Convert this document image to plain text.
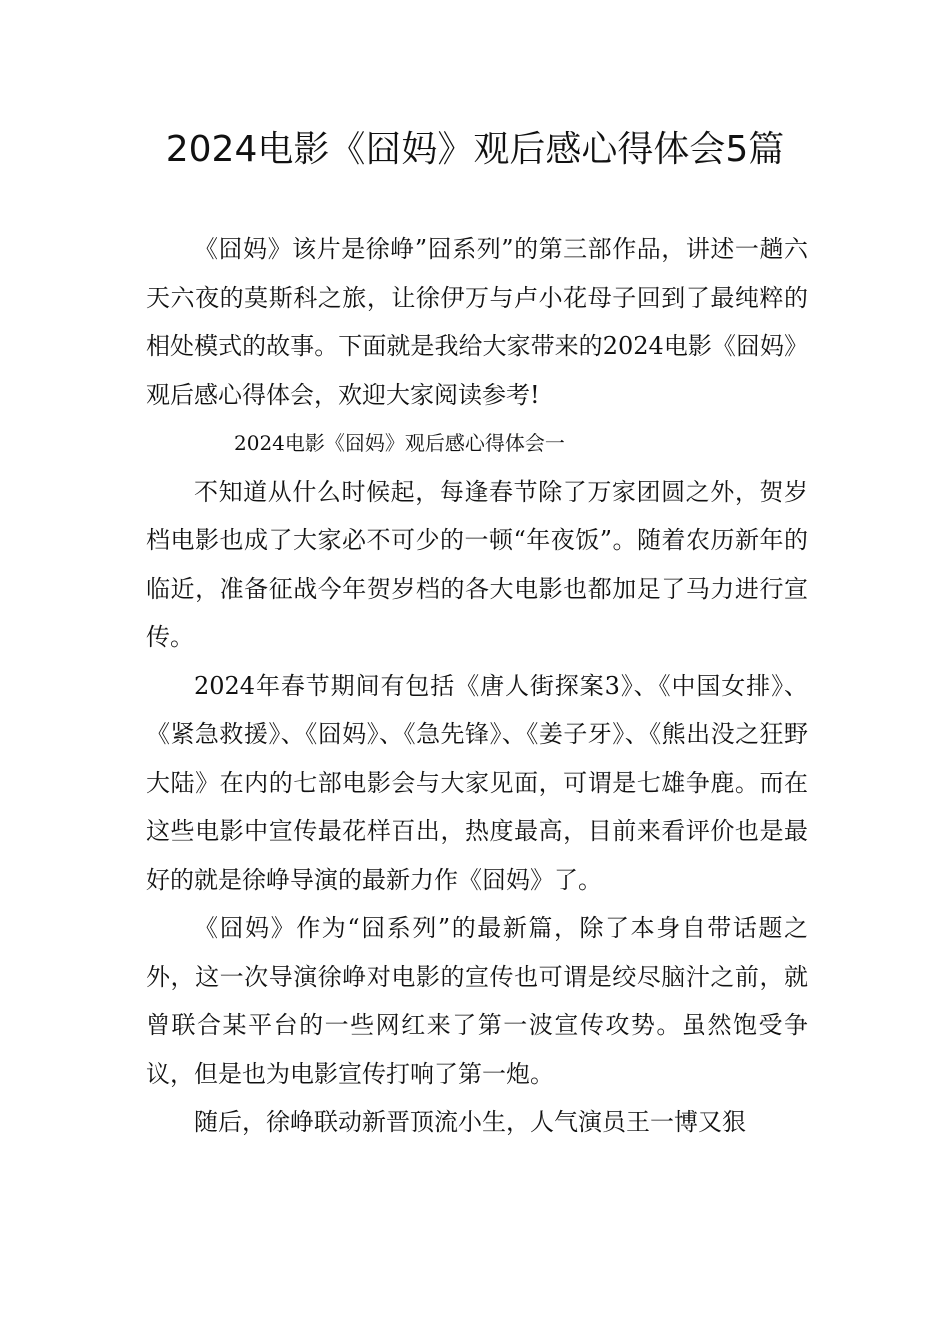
2024电影《囧妈》观后感心得体会5篇

《囧妈》该片是徐峥”囧系列”的第三部作品，讲述一趟六天六夜的莫斯科之旅，让徐伊万与卢小花母子回到了最纯粹的相处模式的故事。下面就是我给大家带来的2024电影《囧妈》观后感心得体会，欢迎大家阅读参考!

2024电影《囧妈》观后感心得体会一

不知道从什么时候起，每逢春节除了万家团圆之外，贺岁档电影也成了大家必不可少的一顿“年夜饭”。随着农历新年的临近，准备征战今年贺岁档的各大电影也都加足了马力进行宣传。

2024年春节期间有包括《唐人街探案3》、《中国女排》、《紧急救援》、《囧妈》、《急先锋》、《姜子牙》、《熊出没之狂野大陆》在内的七部电影会与大家见面，可谓是七雄争鹿。而在这些电影中宣传最花样百出，热度最高，目前来看评价也是最好的就是徐峥导演的最新力作《囧妈》了。

《囧妈》作为“囧系列”的最新篇，除了本身自带话题之外，这一次导演徐峥对电影的宣传也可谓是绞尽脑汁之前，就曾联合某平台的一些网红来了第一波宣传攻势。虽然饱受争议，但是也为电影宣传打响了第一炮。

随后，徐峥联动新晋顶流小生，人气演员王一博又狠
